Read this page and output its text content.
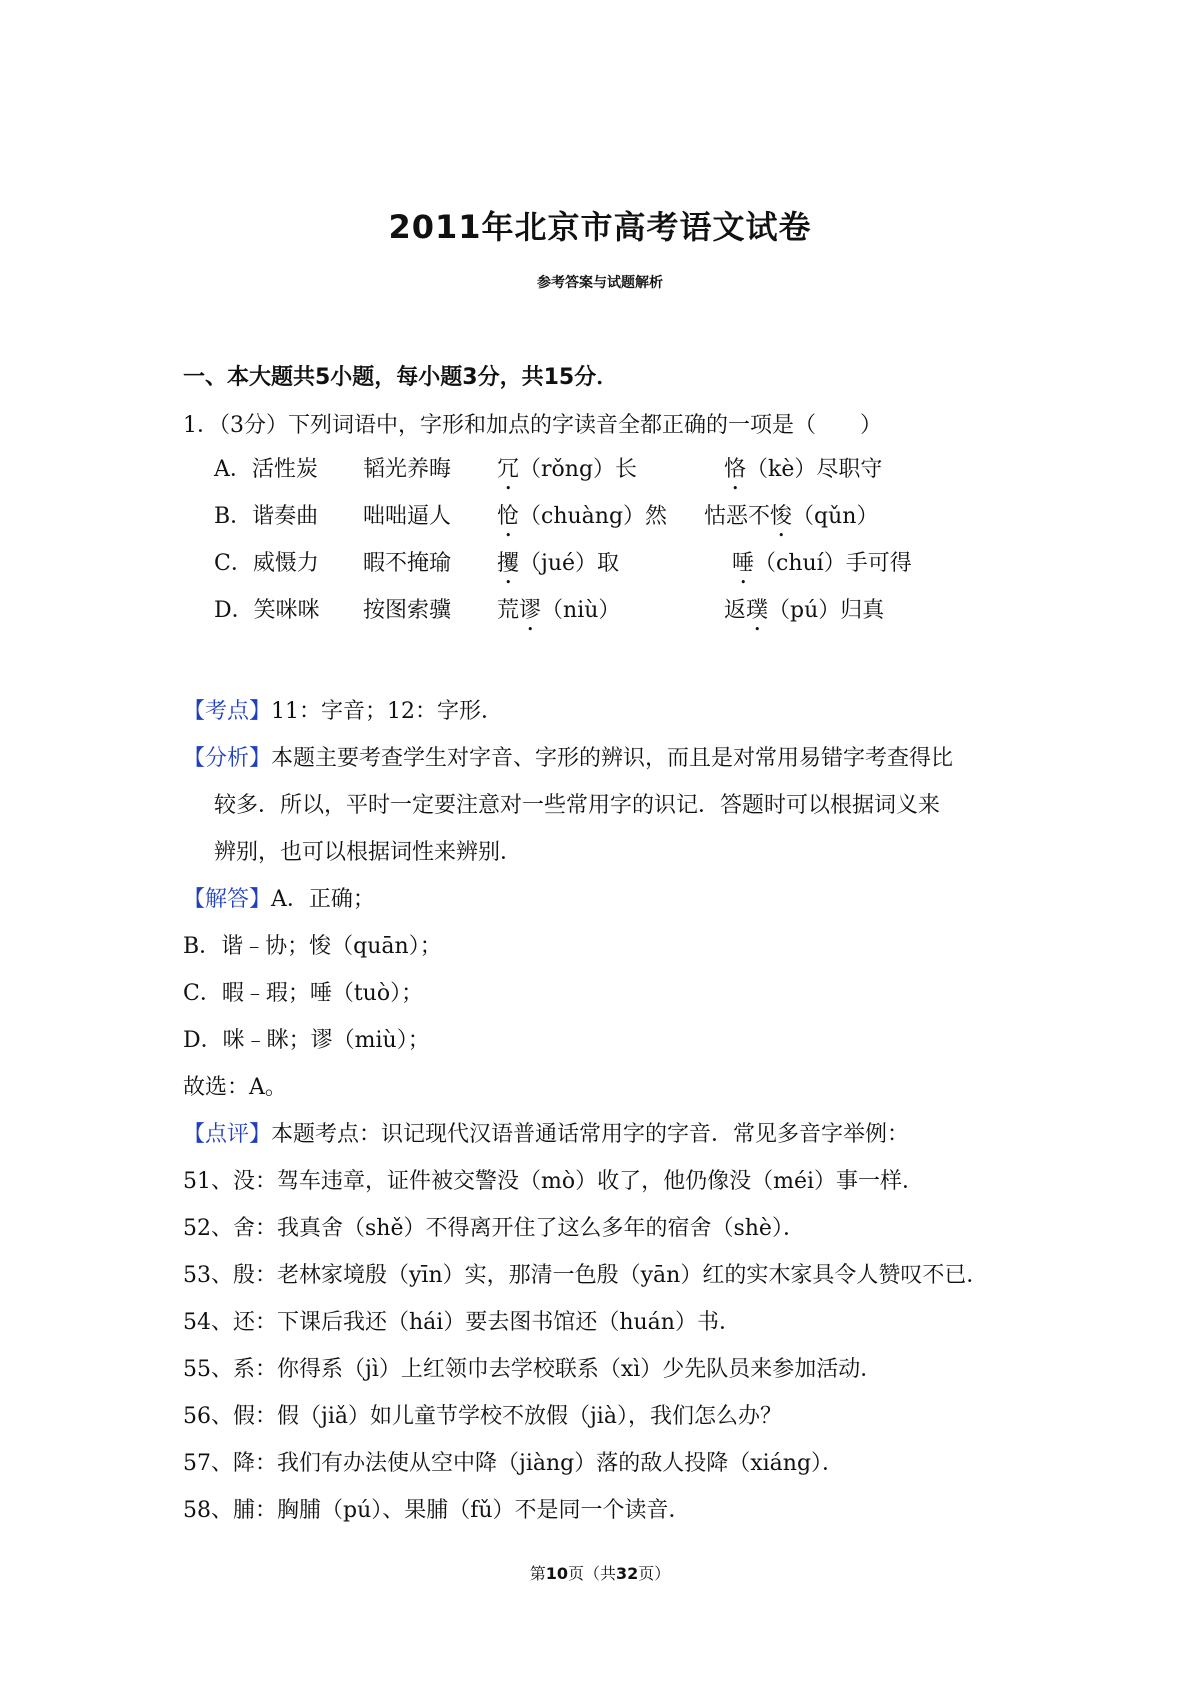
2011年北京市高考语文试卷
参考答案与试题解析
一、本大题共5小题，每小题3分，共15分．
1．（3分）下列词语中，字形和加点的字读音全都正确的一项是（　　）
A．活性炭 韬光养晦 冗（rǒng）长	恪（kè）尽职守
B．谐奏曲 咄咄逼人 怆（chuàng）然 怙恶不悛（qǔn）
C．威慑力 暇不掩瑜 攫（jué）取	唾（chuí）手可得
D．笑咪咪 按图索骥 荒谬（niù）	返璞（pú）归真
【考点】11：字音；12：字形．
【分析】本题主要考查学生对字音、字形的辨识，而且是对常用易错字考查得比
较多．所以，平时一定要注意对一些常用字的识记．答题时可以根据词义来
辨别，也可以根据词性来辨别．
【解答】A．正确；
B．谐﹣协；悛（quān）；
C．暇﹣瑕；唾（tuò）；
D．咪﹣眯；谬（miù）；
故选：A。
【点评】本题考点：识记现代汉语普通话常用字的字音．常见多音字举例：
51、没：驾车违章，证件被交警没（mò）收了，他仍像没（méi）事一样．
52、舍：我真舍（shě）不得离开住了这么多年的宿舍（shè）．
53、殷：老林家境殷（yīn）实，那清一色殷（yān）红的实木家具令人赞叹不已．
54、还：下课后我还（hái）要去图书馆还（huán）书．
55、系：你得系（jì）上红领巾去学校联系（xì）少先队员来参加活动．
56、假：假（jiǎ）如儿童节学校不放假（jià），我们怎么办？
57、降：我们有办法使从空中降（jiàng）落的敌人投降（xiáng）．
58、脯：胸脯（pú）、果脯（fǔ）不是同一个读音．
第10页（共32页）
